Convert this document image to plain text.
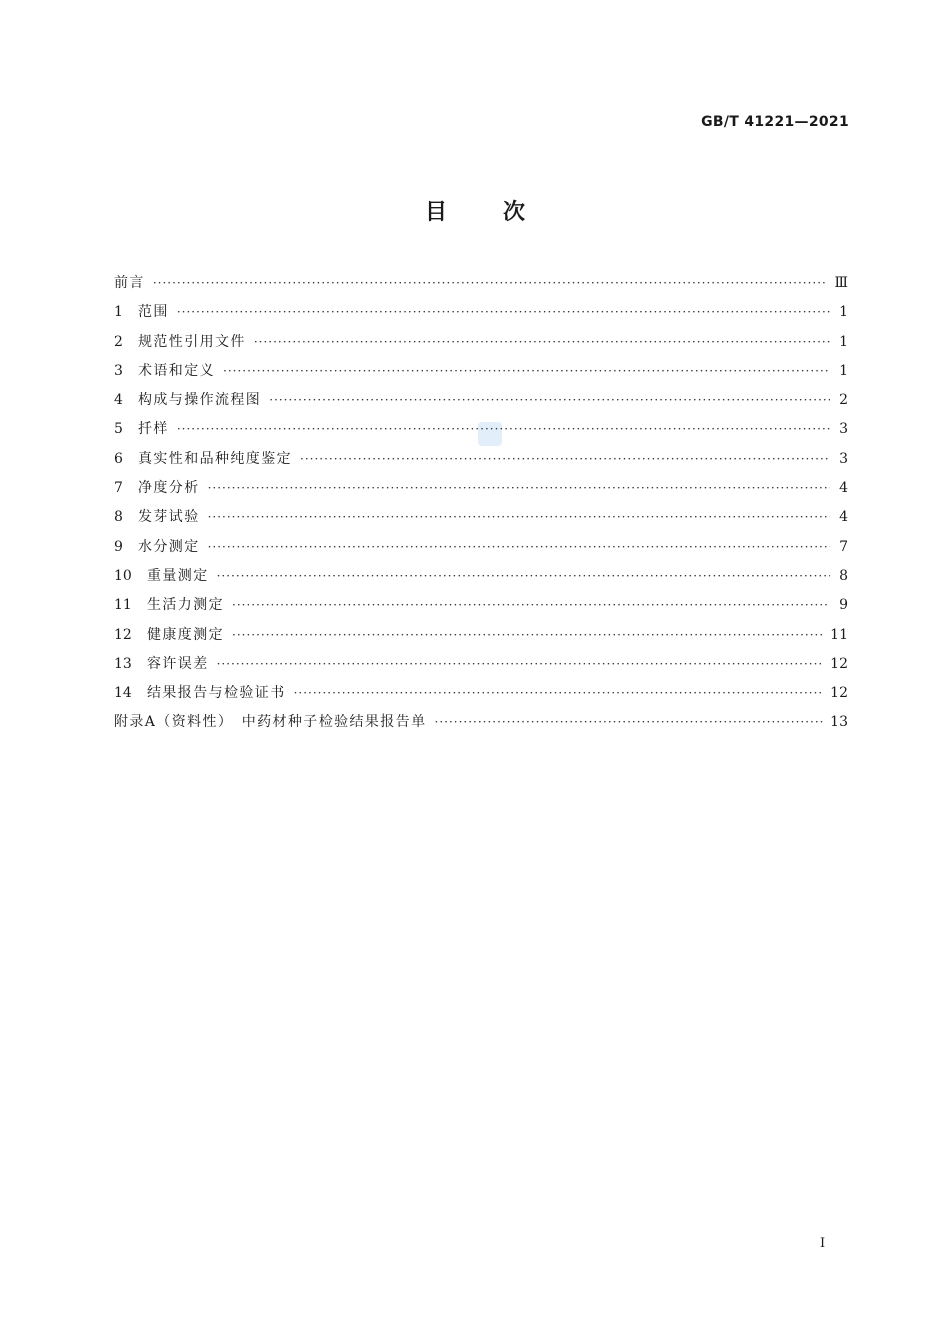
GB/T 41221—2021
目	次
前言 ·····	Ⅲ
1	范围 ·····	1
2	规范性引用文件 ·····	1
3	术语和定义 ·····	1
4	构成与操作流程图 ·····	2
5	扦样 ·····	3
6	真实性和品种纯度鉴定 ·····	3
7	净度分析 ·····	4
8	发芽试验 ·····	4
9	水分测定 ·····	7
10	重量测定 ·····	8
11	生活力测定 ·····	9
12	健康度测定 ·····	11
13	容许误差 ·····	12
14	结果报告与检验证书 ·····	12
附录A（资料性）　中药材种子检验结果报告单 ·····	13
I
